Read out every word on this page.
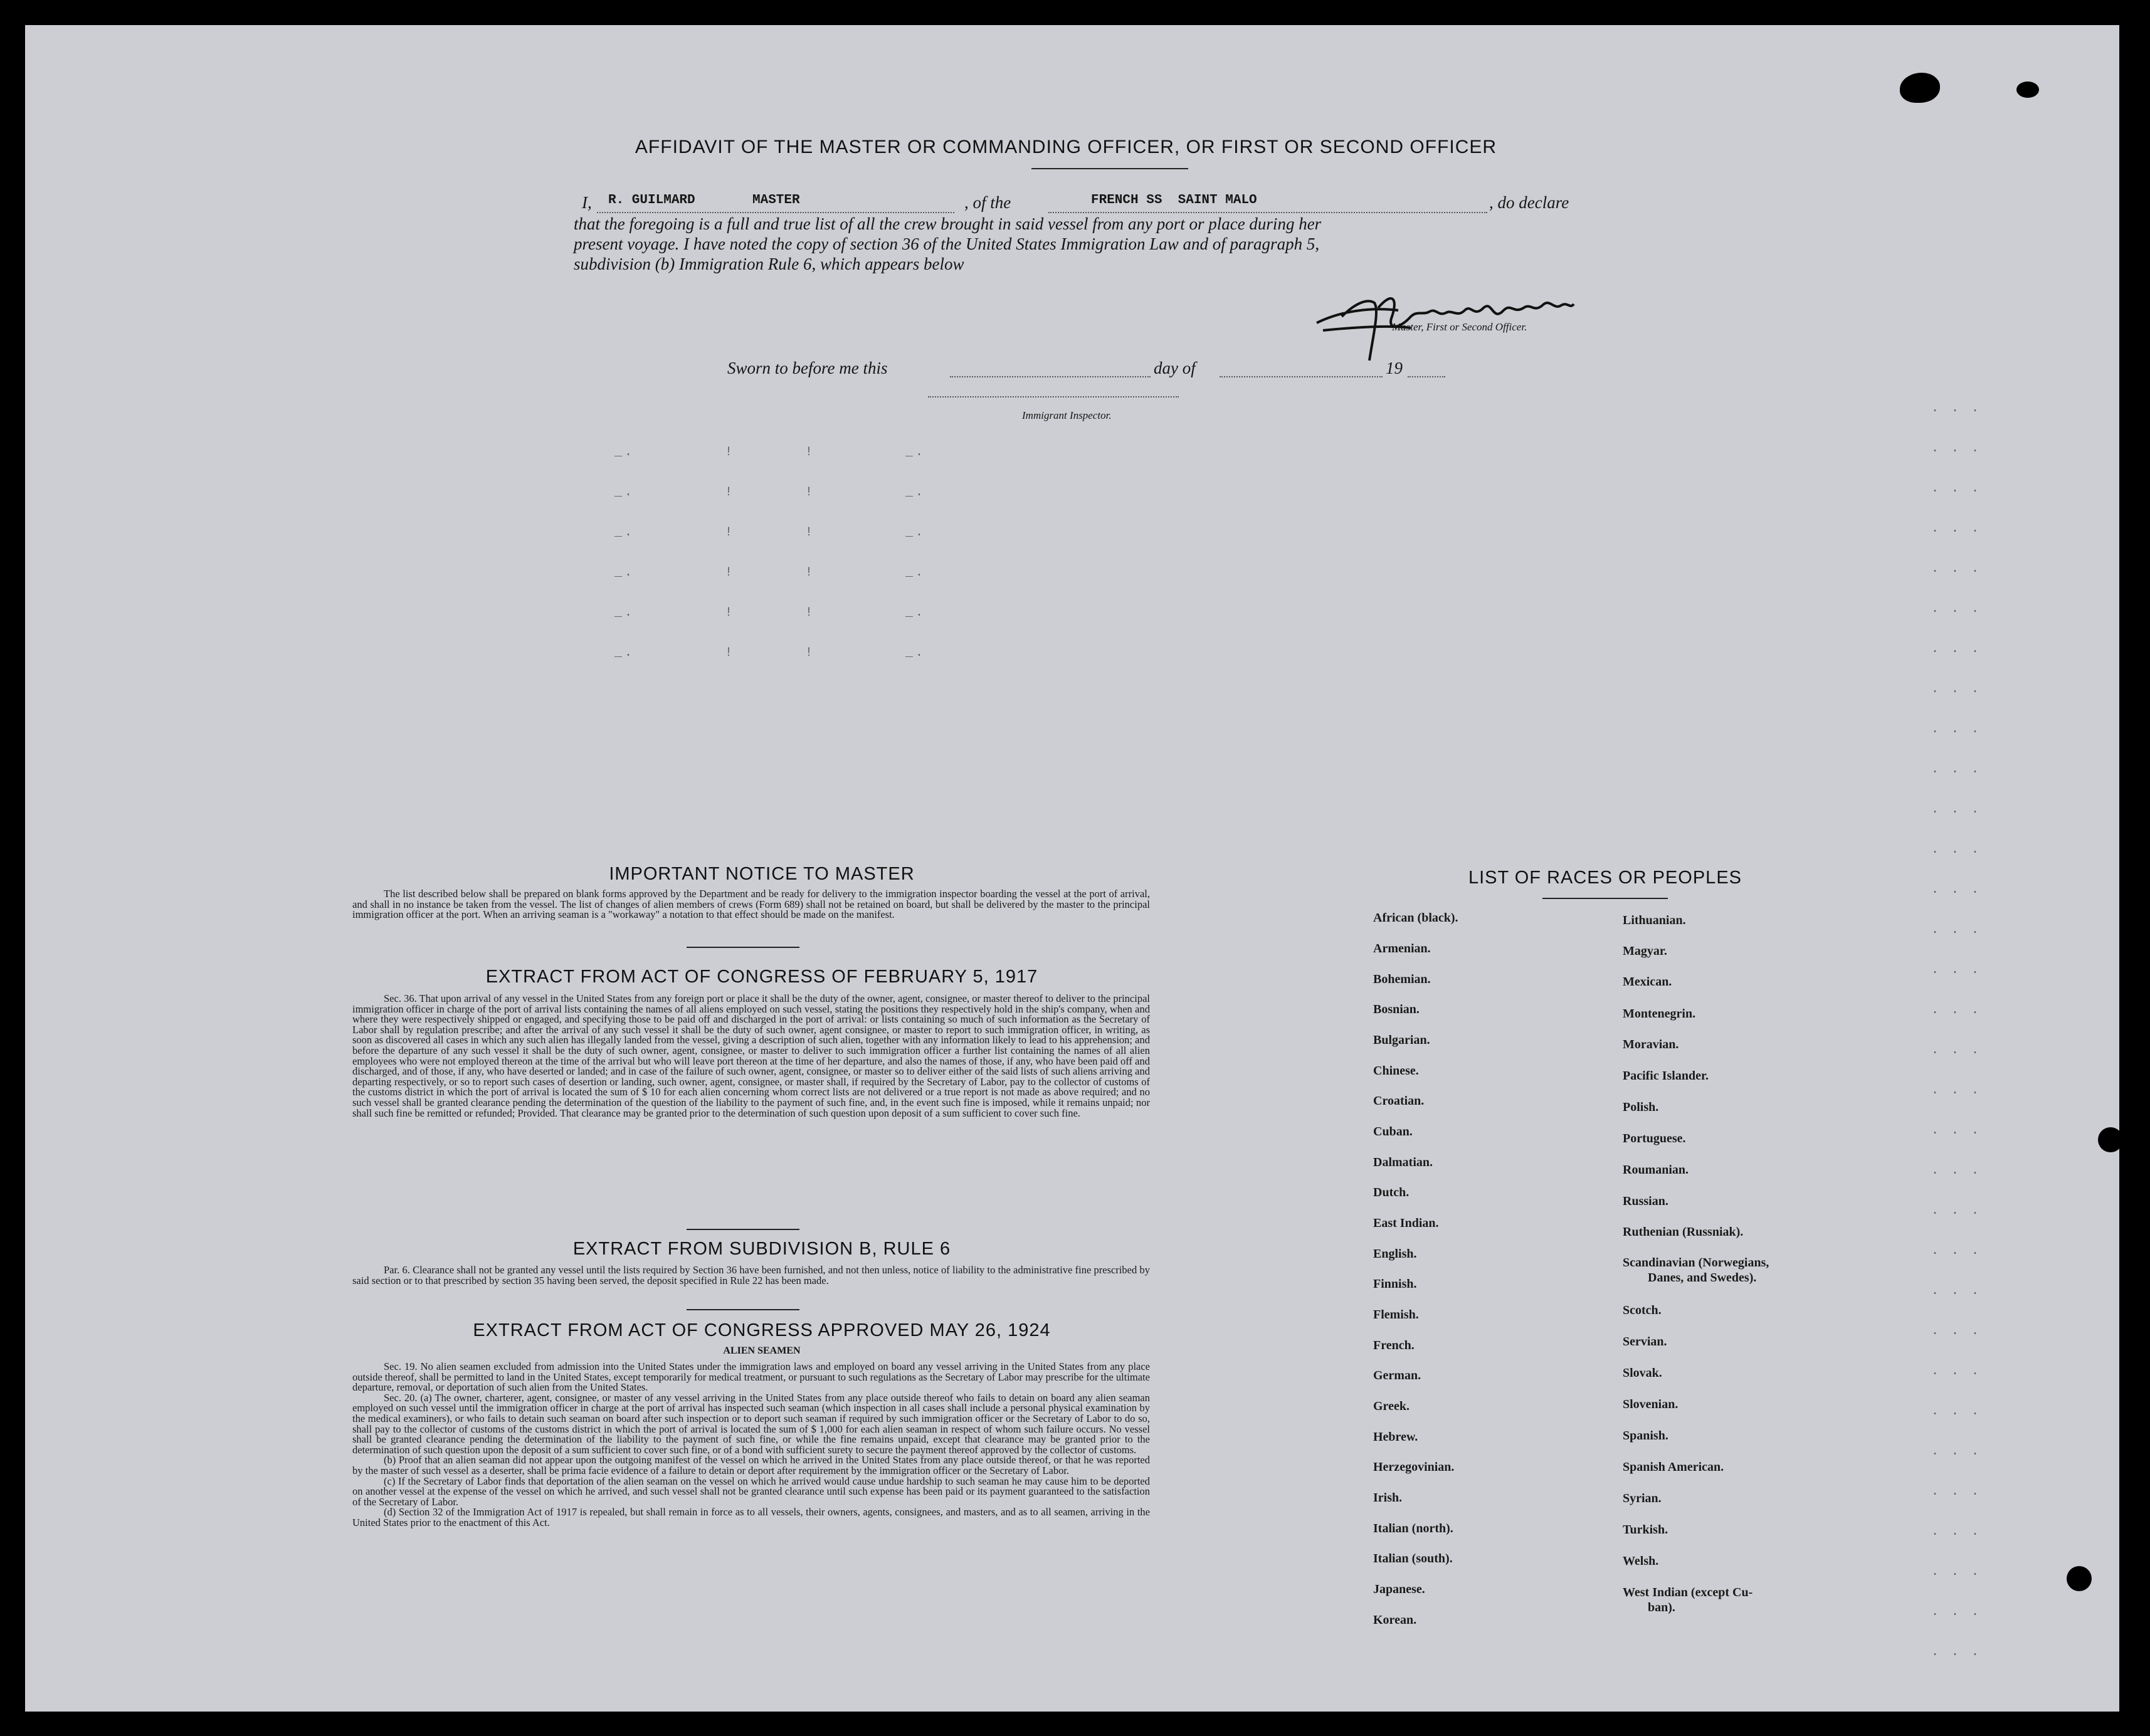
AFFIDAVIT OF THE MASTER OR COMMANDING OFFICER, OR FIRST OR SECOND OFFICER
I, R. GUILMARD	MASTER	, of the	FRENCH SS  SAINT MALO	, do declare
that the foregoing is a full and true list of all the crew brought in said vessel from any port or place during her
present voyage. I have noted the copy of section 36 of the United States Immigration Law and of paragraph 5,
subdivision (b) Immigration Rule 6, which appears below
Master, First or Second Officer.
Sworn to before me this	day of	19
Immigrant Inspector.
_.         !       !         _.
_.         !       !         _.
_.         !       !         _.
_.         !       !         _.
_.         !       !         _.
_.         !       !         _.
. . .
. . .
. . .
. . .
. . .
. . .
. . .
. . .
. . .
. . .
. . .
. . .
. . .
. . .
. . .
. . .
. . .
. . .
. . .
. . .
. . .
. . .
. . .
. . .
. . .
. . .
. . .
. . .
. . .
. . .
. . .
. . .
IMPORTANT NOTICE TO MASTER
The list described below shall be prepared on blank forms approved by the Department and be ready for delivery to the immigration inspector boarding the vessel at the port of arrival, and shall in no instance be taken from the vessel. The list of changes of alien members of crews (Form 689) shall not be retained on board, but shall be delivered by the master to the principal immigration officer at the port. When an arriving seaman is a "workaway" a notation to that effect should be made on the manifest.
EXTRACT FROM ACT OF CONGRESS OF FEBRUARY 5, 1917
Sec. 36. That upon arrival of any vessel in the United States from any foreign port or place it shall be the duty of the owner, agent, consignee, or master thereof to deliver to the principal immigration officer in charge of the port of arrival lists containing the names of all aliens employed on such vessel, stating the positions they respectively hold in the ship's company, when and where they were respectively shipped or engaged, and specifying those to be paid off and discharged in the port of arrival: or lists containing so much of such information as the Secretary of Labor shall by regulation prescribe; and after the arrival of any such vessel it shall be the duty of such owner, agent consignee, or master to report to such immigration officer, in writing, as soon as discovered all cases in which any such alien has illegally landed from the vessel, giving a description of such alien, together with any information likely to lead to his apprehension; and before the departure of any such vessel it shall be the duty of such owner, agent, consignee, or master to deliver to such immigration officer a further list containing the names of all alien employees who were not employed thereon at the time of the arrival but who will leave port thereon at the time of her departure, and also the names of those, if any, who have been paid off and discharged, and of those, if any, who have deserted or landed; and in case of the failure of such owner, agent, consignee, or master so to deliver either of the said lists of such aliens arriving and departing respectively, or so to report such cases of desertion or landing, such owner, agent, consignee, or master shall, if required by the Secretary of Labor, pay to the collector of customs of the customs district in which the port of arrival is located the sum of $ 10 for each alien concerning whom correct lists are not delivered or a true report is not made as above required; and no such vessel shall be granted clearance pending the determination of the question of the liability to the payment of such fine, and, in the event such fine is imposed, while it remains unpaid; nor shall such fine be remitted or refunded; Provided. That clearance may be granted prior to the determination of such question upon deposit of a sum sufficient to cover such fine.
EXTRACT FROM SUBDIVISION B, RULE 6
Par. 6. Clearance shall not be granted any vessel until the lists required by Section 36 have been furnished, and not then unless, notice of liability to the administrative fine prescribed by said section or to that prescribed by section 35 having been served, the deposit specified in Rule 22 has been made.
EXTRACT FROM ACT OF CONGRESS APPROVED MAY 26, 1924
ALIEN SEAMEN
Sec. 19. No alien seamen excluded from admission into the United States under the immigration laws and employed on board any vessel arriving in the United States from any place outside thereof, shall be permitted to land in the United States, except temporarily for medical treatment, or pursuant to such regulations as the Secretary of Labor may prescribe for the ultimate departure, removal, or deportation of such alien from the United States.
Sec. 20. (a) The owner, charterer, agent, consignee, or master of any vessel arriving in the United States from any place outside thereof who fails to detain on board any alien seaman employed on such vessel until the immigration officer in charge at the port of arrival has inspected such seaman (which inspection in all cases shall include a personal physical examination by the medical examiners), or who fails to detain such seaman on board after such inspection or to deport such seaman if required by such immigration officer or the Secretary of Labor to do so, shall pay to the collector of customs of the customs district in which the port of arrival is located the sum of $ 1,000 for each alien seaman in respect of whom such failure occurs. No vessel shall be granted clearance pending the determination of the liability to the payment of such fine, or while the fine remains unpaid, except that clearance may be granted prior to the determination of such question upon the deposit of a sum sufficient to cover such fine, or of a bond with sufficient surety to secure the payment thereof approved by the collector of customs.
(b) Proof that an alien seaman did not appear upon the outgoing manifest of the vessel on which he arrived in the United States from any place outside thereof, or that he was reported by the master of such vessel as a deserter, shall be prima facie evidence of a failure to detain or deport after requirement by the immigration officer or the Secretary of Labor.
(c) If the Secretary of Labor finds that deportation of the alien seaman on the vessel on which he arrived would cause undue hardship to such seaman he may cause him to be deported on another vessel at the expense of the vessel on which he arrived, and such vessel shall not be granted clearance until such expense has been paid or its payment guaranteed to the satisfaction of the Secretary of Labor.
(d) Section 32 of the Immigration Act of 1917 is repealed, but shall remain in force as to all vessels, their owners, agents, consignees, and masters, and as to all seamen, arriving in the United States prior to the enactment of this Act.
LIST OF RACES OR PEOPLES
African (black).
Armenian.
Bohemian.
Bosnian.
Bulgarian.
Chinese.
Croatian.
Cuban.
Dalmatian.
Dutch.
East Indian.
English.
Finnish.
Flemish.
French.
German.
Greek.
Hebrew.
Herzegovinian.
Irish.
Italian (north).
Italian (south).
Japanese.
Korean.
Lithuanian.
Magyar.
Mexican.
Montenegrin.
Moravian.
Pacific Islander.
Polish.
Portuguese.
Roumanian.
Russian.
Ruthenian (Russniak).
Scandinavian (Norwegians,
Danes, and Swedes).
Scotch.
Servian.
Slovak.
Slovenian.
Spanish.
Spanish American.
Syrian.
Turkish.
Welsh.
West Indian (except Cu-
ban).
